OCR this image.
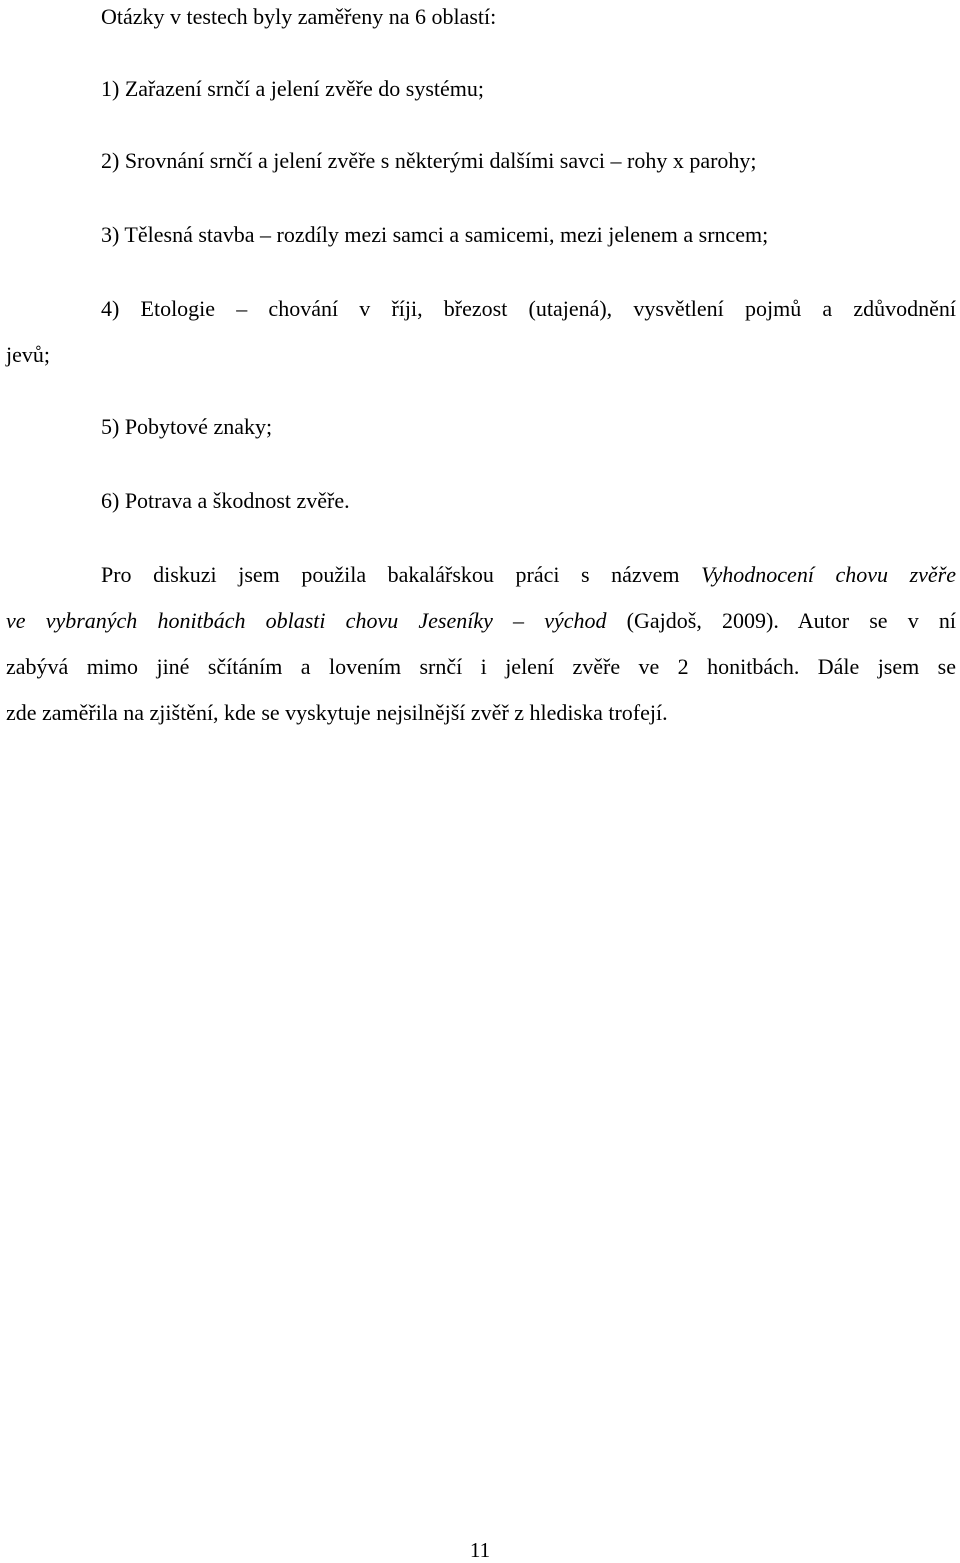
Otázky v testech byly zaměřeny na 6 oblastí:
1) Zařazení srnčí a jelení zvěře do systému;
2) Srovnání srnčí a jelení zvěře s některými dalšími savci – rohy x parohy;
3) Tělesná stavba – rozdíly mezi samci a samicemi, mezi jelenem a srncem;
4) Etologie – chování v říji, březost (utajená), vysvětlení pojmů a zdůvodnění
jevů;
5) Pobytové znaky;
6) Potrava a škodnost zvěře.
Pro diskuzi jsem použila bakalářskou práci s názvem Vyhodnocení chovu zvěře
ve vybraných honitbách oblasti chovu Jeseníky – východ (Gajdoš, 2009). Autor se v ní
zabývá mimo jiné sčítáním a lovením srnčí i jelení zvěře ve 2 honitbách. Dále jsem se
zde zaměřila na zjištění, kde se vyskytuje nejsilnější zvěř z hlediska trofejí.
11
